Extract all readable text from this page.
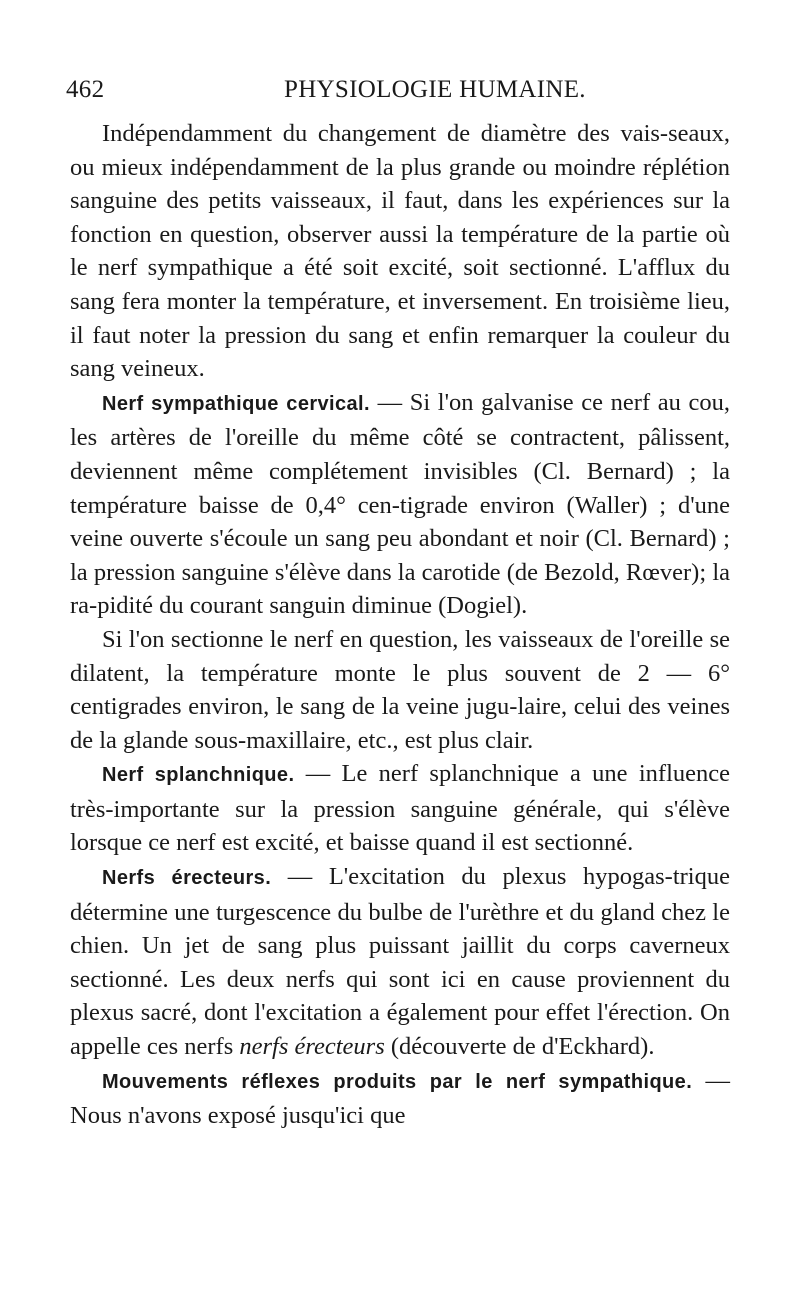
462	PHYSIOLOGIE HUMAINE.

Indépendamment du changement de diamètre des vais-seaux, ou mieux indépendamment de la plus grande ou moindre réplétion sanguine des petits vaisseaux, il faut, dans les expériences sur la fonction en question, observer aussi la température de la partie où le nerf sympathique a été soit excité, soit sectionné. L'afflux du sang fera monter la température, et inversement. En troisième lieu, il faut noter la pression du sang et enfin remarquer la couleur du sang veineux.

Nerf sympathique cervical. — Si l'on galvanise ce nerf au cou, les artères de l'oreille du même côté se contractent, pâlissent, deviennent même complétement invisibles (Cl. Bernard) ; la température baisse de 0,4° cen-tigrade environ (Waller) ; d'une veine ouverte s'écoule un sang peu abondant et noir (Cl. Bernard) ; la pression sanguine s'élève dans la carotide (de Bezold, Rœver); la ra-pidité du courant sanguin diminue (Dogiel).

Si l'on sectionne le nerf en question, les vaisseaux de l'oreille se dilatent, la température monte le plus souvent de 2 — 6° centigrades environ, le sang de la veine jugu-laire, celui des veines de la glande sous-maxillaire, etc., est plus clair.

Nerf splanchnique. — Le nerf splanchnique a une influence très-importante sur la pression sanguine générale, qui s'élève lorsque ce nerf est excité, et baisse quand il est sectionné.

Nerfs érecteurs. — L'excitation du plexus hypogas-trique détermine une turgescence du bulbe de l'urèthre et du gland chez le chien. Un jet de sang plus puissant jaillit du corps caverneux sectionné. Les deux nerfs qui sont ici en cause proviennent du plexus sacré, dont l'excitation a également pour effet l'érection. On appelle ces nerfs nerfs érecteurs (découverte de d'Eckhard).

Mouvements réflexes produits par le nerf sympathique. — Nous n'avons exposé jusqu'ici que
